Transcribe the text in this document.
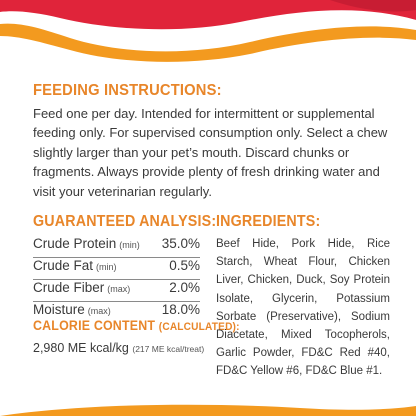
FEEDING INSTRUCTIONS:
Feed one per day. Intended for intermittent or supplemental feeding only. For supervised consumption only. Select a chew slightly larger than your pet’s mouth. Discard chunks or fragments. Always provide plenty of fresh drinking water and visit your veterinarian regularly.
GUARANTEED ANALYSIS:
Crude Protein (min) 35.0%
Crude Fat (min)	0.5%
Crude Fiber (max)	2.0%
Moisture (max)	18.0%
CALORIE CONTENT (CALCULATED):
2,980 ME kcal/kg (217 ME kcal/treat)
INGREDIENTS:
Beef Hide, Pork Hide, Rice Starch, Wheat Flour, Chicken Liver, Chicken, Duck, Soy Protein Isolate, Glycerin, Potassium Sorbate (Preservative), Sodium Diacetate, Mixed Tocopherols, Garlic Powder, FD&C Red #40, FD&C Yellow #6, FD&C Blue #1.
